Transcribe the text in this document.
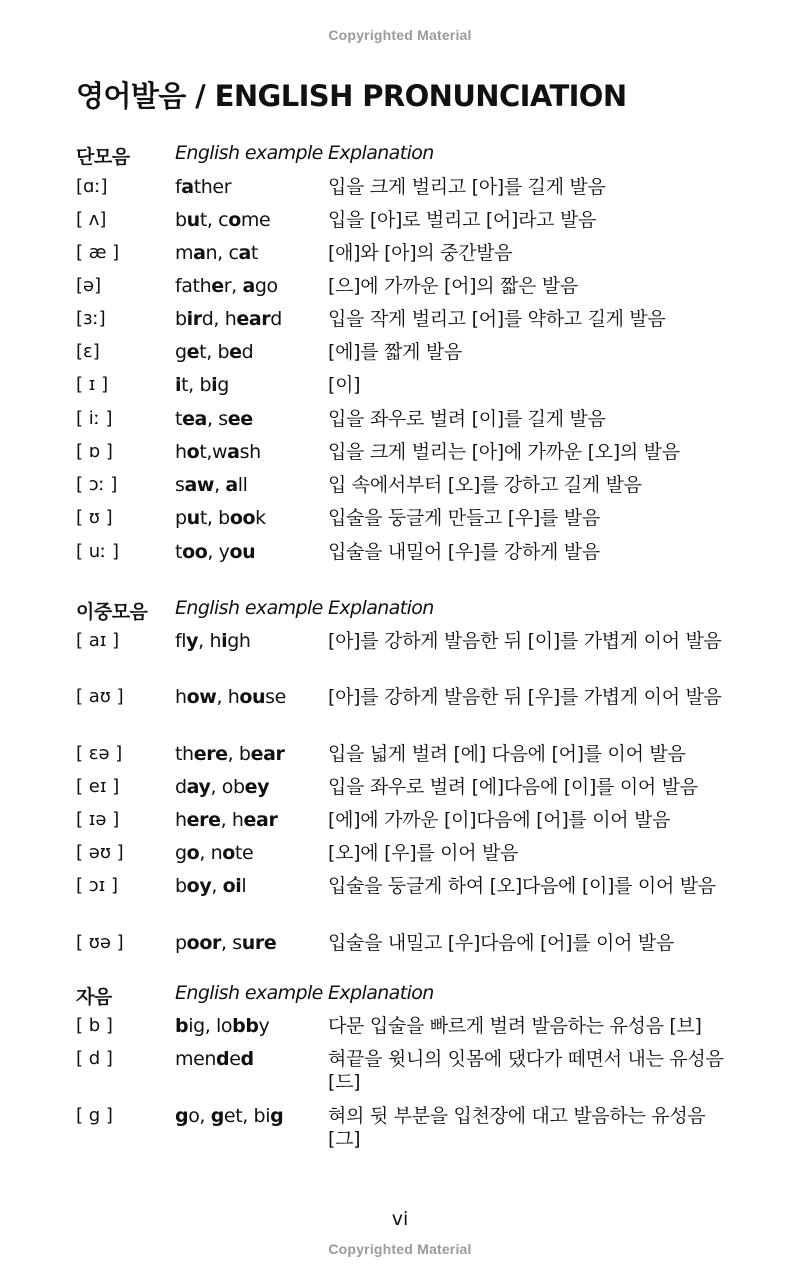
Copyrighted Material
영어발음 / ENGLISH PRONUNCIATION
단모음 English example Explanation
[ɑː]	father	입을 크게 벌리고 [아]를 길게 발음
[ ʌ]	but, come	입을 [아]로 벌리고 [어]라고 발음
[ æ ]	man, cat	[애]와 [아]의 중간발음
[ə]	father, ago	[으]에 가까운 [어]의 짧은 발음
[ɜː]	bird, heard 입을 작게 벌리고 [어]를 약하고 길게 발음
[ɛ]	get, bed	[에]를 짧게 발음
[ ɪ ]	it, big	[이]
[ iː ]	tea, see	입을 좌우로 벌려 [이]를 길게 발음
[ ɒ ]	hot,wash	입을 크게 벌리는 [아]에 가까운 [오]의 발음
[ ɔː ]	saw, all	입 속에서부터 [오]를 강하고 길게 발음
[ ʊ ]	put, book	입술을 둥글게 만들고 [우]를 발음
[ uː ]	too, you	입술을 내밀어 [우]를 강하게 발음
이중모음 English example Explanation
[ aɪ ]	fly, high	[아]를 강하게 발음한 뒤 [이]를 가볍게 이어 발음
[ aʊ ]	how, house [아]를 강하게 발음한 뒤 [우]를 가볍게 이어 발음
[ ɛə ]	there, bear 입을 넓게 벌려 [에] 다음에 [어]를 이어 발음
[ eɪ ]	day, obey	입을 좌우로 벌려 [에]다음에 [이]를 이어 발음
[ ɪə ]	here, hear	[에]에 가까운 [이]다음에 [어]를 이어 발음
[ əʊ ]	go, note	[오]에 [우]를 이어 발음
[ ɔɪ ]	boy, oil	입술을 둥글게 하여 [오]다음에 [이]를 이어 발음
[ ʊə ]	poor, sure	입술을 내밀고 [우]다음에 [어]를 이어 발음
자음	English example Explanation
[ b ]	big, lobby	다문 입술을 빠르게 벌려 발음하는 유성음 [브]
[ d ]	mended	혀끝을 윗니의 잇몸에 댔다가 떼면서 내는 유성음 [드]
[ g ]	go, get, big 혀의 뒷 부분을 입천장에 대고 발음하는 유성음 [그]
vi
Copyrighted Material
